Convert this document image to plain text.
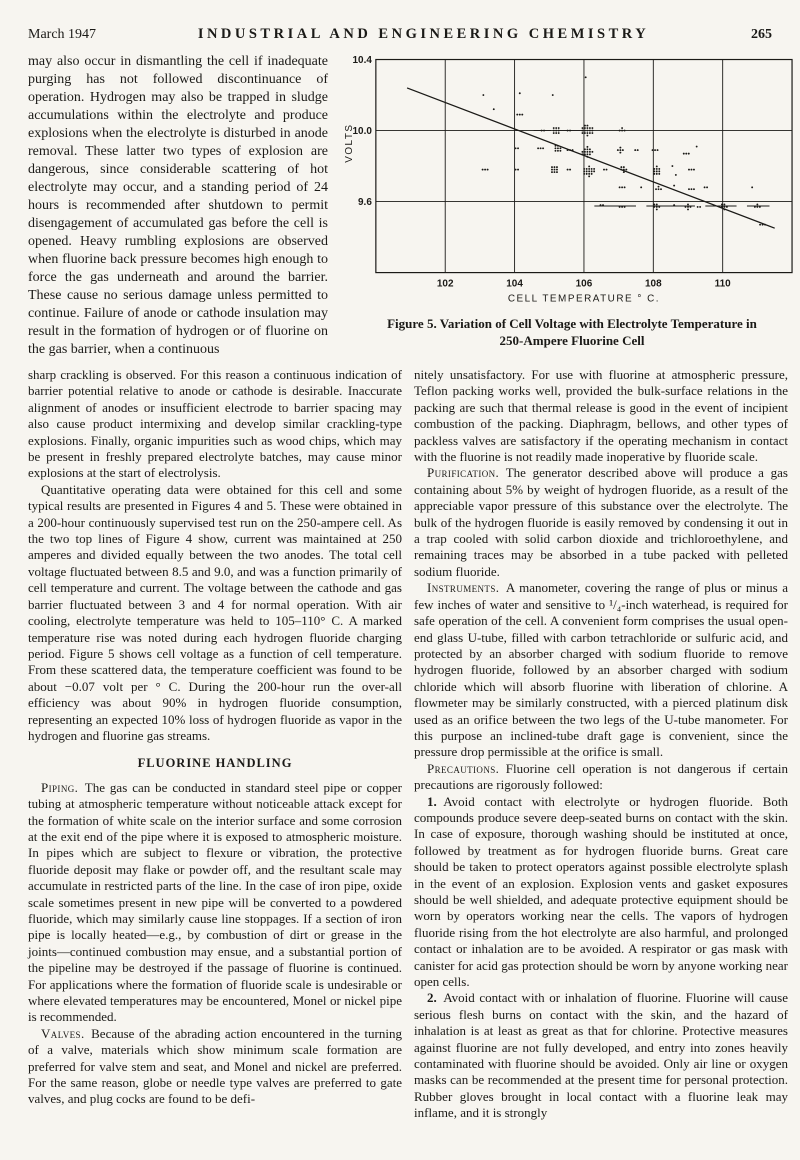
March 1947	INDUSTRIAL AND ENGINEERING CHEMISTRY	265

may also occur in dismantling the cell if inadequate purging has not followed discontinuance of operation. Hydrogen may also be trapped in sludge accumulations within the electrolyte and produce explosions when the electrolyte is disturbed in anode removal. These latter two types of explosion are dangerous, since considerable scattering of hot electrolyte may occur, and a standing period of 24 hours is recommended after shutdown to permit disengagement of accumulated gas before the cell is opened. Heavy rumbling explosions are observed when fluorine back pressure becomes high enough to force the gas underneath and around the barrier. These cause no serious damage unless permitted to continue. Failure of anode or cathode insulation may result in the formation of hydrogen or of fluorine on the gas barrier, when a continuous

10.4
10.0
9.6
102	104	106	108	110
CELL TEMPERATURE ° C.
VOLTS
Figure 5. Variation of Cell Voltage with Electrolyte Temperature in
250-Ampere Fluorine Cell

sharp crackling is observed. For this reason a continuous indication of barrier potential relative to anode or cathode is desirable. Inaccurate alignment of anodes or insufficient electrode to barrier spacing may also cause product intermixing and develop similar crackling-type explosions. Finally, organic impurities such as wood chips, which may be present in freshly prepared electrolyte batches, may cause minor explosions at the start of electrolysis.

Quantitative operating data were obtained for this cell and some typical results are presented in Figures 4 and 5. These were obtained in a 200-hour continuously supervised test run on the 250-ampere cell. As the two top lines of Figure 4 show, current was maintained at 250 amperes and divided equally between the two anodes. The total cell voltage fluctuated between 8.5 and 9.0, and was a function primarily of cell temperature and current. The voltage between the cathode and gas barrier fluctuated between 3 and 4 for normal operation. With air cooling, electrolyte temperature was held to 105–110° C. A marked temperature rise was noted during each hydrogen fluoride charging period. Figure 5 shows cell voltage as a function of cell temperature. From these scattered data, the temperature coefficient was found to be about −0.07 volt per ° C. During the 200-hour run the over-all efficiency was about 90% in hydrogen fluoride consumption, representing an expected 10% loss of hydrogen fluoride as vapor in the hydrogen and fluorine gas streams.

FLUORINE HANDLING

Piping. The gas can be conducted in standard steel pipe or copper tubing at atmospheric temperature without noticeable attack except for the formation of white scale on the interior surface and some corrosion at the exit end of the pipe where it is exposed to atmospheric moisture. In pipes which are subject to flexure or vibration, the protective fluoride deposit may flake or powder off, and the resultant scale may accumulate in restricted parts of the line. In the case of iron pipe, oxide scale sometimes present in new pipe will be converted to a powdered fluoride, which may similarly cause line stoppages. If a section of iron pipe is locally heated—e.g., by combustion of dirt or grease in the joints—continued combustion may ensue, and a substantial portion of the pipeline may be destroyed if the passage of fluorine is continued. For applications where the formation of fluoride scale is undesirable or where elevated temperatures may be encountered, Monel or nickel pipe is recommended.

Valves. Because of the abrading action encountered in the turning of a valve, materials which show minimum scale formation are preferred for valve stem and seat, and Monel and nickel are preferred. For the same reason, globe or needle type valves are preferred to gate valves, and plug cocks are found to be defi-

nitely unsatisfactory. For use with fluorine at atmospheric pressure, Teflon packing works well, provided the bulk-surface relations in the packing are such that thermal release is good in the event of incipient combustion of the packing. Diaphragm, bellows, and other types of packless valves are satisfactory if the operating mechanism in contact with the fluorine is not readily made inoperative by fluoride scale.

Purification. The generator described above will produce a gas containing about 5% by weight of hydrogen fluoride, as a result of the appreciable vapor pressure of this substance over the electrolyte. The bulk of the hydrogen fluoride is easily removed by condensing it out in a trap cooled with solid carbon dioxide and trichloroethylene, and remaining traces may be absorbed in a tube packed with pelleted sodium fluoride.

Instruments. A manometer, covering the range of plus or minus a few inches of water and sensitive to ¹/₄-inch waterhead, is required for safe operation of the cell. A convenient form comprises the usual open-end glass U-tube, filled with carbon tetrachloride or sulfuric acid, and protected by an absorber charged with sodium fluoride to remove hydrogen fluoride, followed by an absorber charged with sodium chloride which will absorb fluorine with liberation of chlorine. A flowmeter may be similarly constructed, with a pierced platinum disk used as an orifice between the two legs of the U-tube manometer. For this purpose an inclined-tube draft gage is convenient, since the pressure drop permissible at the orifice is small.

Precautions. Fluorine cell operation is not dangerous if certain precautions are rigorously followed:

1. Avoid contact with electrolyte or hydrogen fluoride. Both compounds produce severe deep-seated burns on contact with the skin. In case of exposure, thorough washing should be instituted at once, followed by treatment as for hydrogen fluoride burns. Great care should be taken to protect operators against possible electrolyte splash in the event of an explosion. Explosion vents and gasket exposures should be well shielded, and adequate protective equipment should be worn by operators working near the cells. The vapors of hydrogen fluoride rising from the hot electrolyte are also harmful, and prolonged contact or inhalation are to be avoided. A respirator or gas mask with canister for acid gas protection should be worn by anyone working near open cells.

2. Avoid contact with or inhalation of fluorine. Fluorine will cause serious flesh burns on contact with the skin, and the hazard of inhalation is at least as great as that for chlorine. Protective measures against fluorine are not fully developed, and entry into zones heavily contaminated with fluorine should be avoided. Only air line or oxygen masks can be recommended at the present time for personal protection. Rubber gloves brought in local contact with a fluorine leak may inflame, and it is strongly
